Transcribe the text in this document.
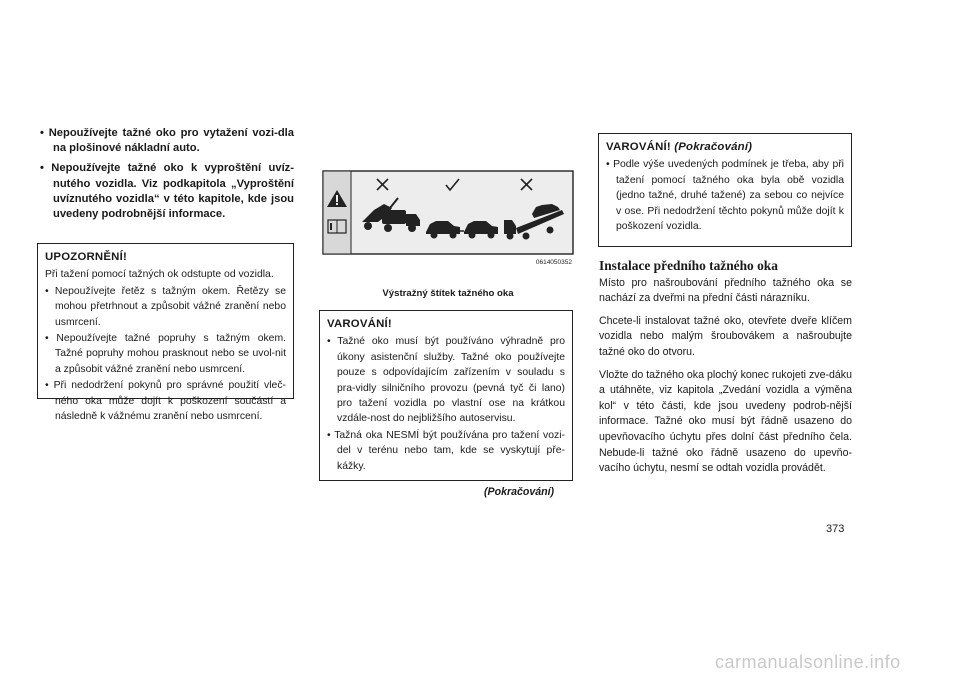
• Nepoužívejte tažné oko pro vytažení vozi-dla na plošinové nákladní auto.

• Nepoužívejte tažné oko k vyproštění uvíz-nutého vozidla. Viz podkapitola „Vyproštění uvíznutého vozidla“ v této kapitole, kde jsou uvedeny podrobnější informace.

UPOZORNĚNÍ!

Při tažení pomocí tažných ok odstupte od vozidla.

• Nepoužívejte řetěz s tažným okem. Řetězy se mohou přetrhnout a způsobit vážné zranění nebo usmrcení.

• Nepoužívejte tažné popruhy s tažným okem. Tažné popruhy mohou prasknout nebo se uvol-nit a způsobit vážné zranění nebo usmrcení.

• Při nedodržení pokynů pro správné použití vleč-ného oka může dojít k poškození součástí a následně k vážnému zranění nebo usmrcení.

0614050352
Výstražný štítek tažného oka
VAROVÁNÍ!

• Tažné oko musí být používáno výhradně pro úkony asistenční služby. Tažné oko používejte pouze s odpovídajícím zařízením v souladu s pra-vidly silničního provozu (pevná tyč či lano) pro tažení vozidla po vlastní ose na krátkou vzdále-nost do nejbližšího autoservisu.

• Tažná oka NESMÍ být používána pro tažení vozi-del v terénu nebo tam, kde se vyskytují pře-kážky.

(Pokračování)
VAROVÁNÍ! (Pokračování)

• Podle výše uvedených podmínek je třeba, aby při tažení pomocí tažného oka byla obě vozidla (jedno tažné, druhé tažené) za sebou co nejvíce v ose. Při nedodržení těchto pokynů může dojít k poškození vozidla.

Instalace předního tažného oka

Místo pro našroubování předního tažného oka se nachází za dveřmi na přední části nárazníku.

Chcete-li instalovat tažné oko, otevřete dveře klíčem vozidla nebo malým šroubovákem a našroubujte tažné oko do otvoru.

Vložte do tažného oka plochý konec rukojeti zve-dáku a utáhněte, viz kapitola „Zvedání vozidla a výměna kol“ v této části, kde jsou uvedeny podrob-nější informace. Tažné oko musí být řádně usazeno do upevňovacího úchytu přes dolní část předního čela. Nebude-li tažné oko řádně usazeno do upevňo-vacího úchytu, nesmí se odtah vozidla provádět.

373
carmanualsonline.info
